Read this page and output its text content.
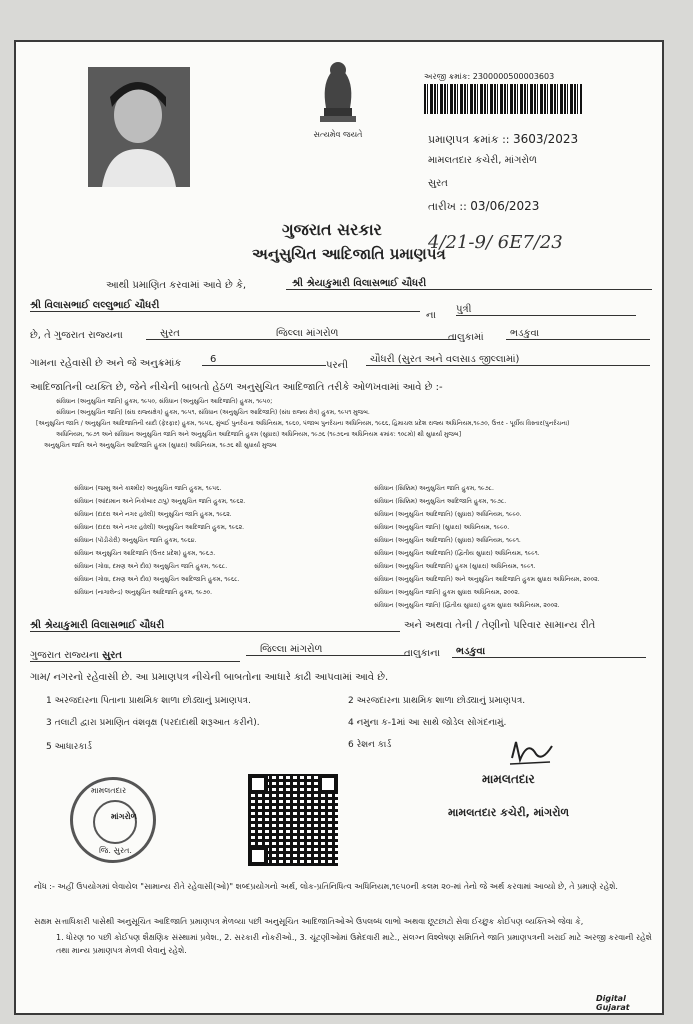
સત્યમેવ જયતે
અરજી ક્રમાંક: 2300000500003603
પ્રમાણપત્ર ક્રમાંક :: 3603/2023
મામલતદાર કચેરી, માંગરોળ
સુરત
તારીખ :: 03/06/2023
ગુજરાત સરકાર
અનુસુચિત આદિજાતિ પ્રમાણપત્ર
4/21-9/ 6E7/23
આથી પ્રમાણિત કરવામાં આવે છે કે,	શ્રી શ્રેયાકુમારી વિલાસભાઈ ચૌધરી
શ્રી વિલાસભાઈ લલ્લુભાઈ ચૌધરી
ના
પુત્રી
છે, તે ગુજરાત રાજ્યના	સુરત	જિલ્લા માંગરોળ	તાલુકામાં	ભડકુવા
ગામના રહેવાસી છે અને જે અનુક્રમાંક	6
પરની
ચૌધરી (સુરત અને વલસાડ જીલ્લામાં)
આદિજાતિની વ્યક્તિ છે, જેને નીચેની બાબતો હેઠળ અનુસુચિત આદિજાતિ તરીકે ઓળખવામાં આવે છે :-
સંવિધાન (અનુસુચિત જાતિ) હુકમ, ૧૯૫૦, સંવિધાન (અનુસુચિત આદિજાતિ) હુકમ, ૧૯૫૦;
સંવિધાન (અનુસુચિત જાતિ) (સંઘ રાજ્યક્ષેત્ર) હુકમ, ૧૯૫૧, સંવિધાન (અનુસુચિત આદિજાતિ) (સંઘ રાજ્ય ક્ષેત્ર) હુકમ, ૧૯૫૧ મુજબ.
[અનુસુચિત જાતિ / અનુસુચિત આદિજાતિની યાદી (ફેરફાર) હુકમ, ૧૯૫૬, મુંબઈ પુનર્રચના અધિનિયમ, ૧૯૬૦, પંજાબ પુનર્રચના અધિનિયમ, ૧૯૬૬, હિમાચલ પ્રદેશ રાજ્ય અધિનિયમ,૧૯૭૦, ઉત્તર - પૂર્વીય વિસ્તાર(પુનર્રચના)
અધિનિયમ, ૧૯૭૧ અને સંવિધાન અનુસુચિત જાતિ અને અનુસુચિત આદિજાતિ હુકમ (સુધારા) અધિનિયમ, ૧૯૭૬ (૧૯૭૬ના અધિનિયમ ક્રમાંક: ૧૦૮મો) થી સુધાર્યા મુજબ]
અનુસુચિત જાતિ અને અનુસુચિત આદિજાતિ હુકમ (સુધારા) અધિનિયમ, ૧૯૭૬ થી સુધાર્યા મુજબ
સંવિધાન (જમ્મુ અને કાશ્મીર) અનુસુચિત જાતિ હુકમ, ૧૯૫૬.
સંવિધાન (આંદામાન અને નિકોબાર ટાપુ) અનુસુચિત જાતિ હુકમ, ૧૯૬૨.
સંવિધાન (દાદરા અને નગર હવેલી) અનુસુચિત જાતિ હુકમ, ૧૯૬૨.
સંવિધાન (દાદરા અને નગર હવેલી) અનુસુચિત આદિજાતિ હુકમ, ૧૯૬૨.
સંવિધાન (પોંડીચેરી) અનુસુચિત જાતિ હુકમ, ૧૯૬૪.
સંવિધાન અનુસુચિત આદિજાતિ (ઉત્તર પ્રદેશ) હુકમ, ૧૯૬૭.
સંવિધાન (ગોવા, દમણ અને દીવ) અનુસુચિત જાતિ હુકમ, ૧૯૬૮.
સંવિધાન (ગોવા, દમણ અને દીવ) અનુસુચિત આદિજાતિ હુકમ, ૧૯૬૮.
સંવિધાન (નાગાલેન્ડ) અનુસુચિત આદિજાતિ હુકમ, ૧૯૭૦.
સંવિધાન (સિક્કિમ) અનુસુચિત જાતિ હુકમ, ૧૯૭૮.
સંવિધાન (સિક્કિમ) અનુસુચિત આદિજાતિ હુકમ, ૧૯૭૮.
સંવિધાન (અનુસુચિત આદિજાતિ) (સુધારા) અધિનિયમ, ૧૯૯૦.
સંવિધાન (અનુસુચિત જાતિ) (સુધારા) અધિનિયમ, ૧૯૯૦.
સંવિધાન (અનુસુચિત આદિજાતિ) (સુધારા) અધિનિયમ, ૧૯૯૧.
સંવિધાન (અનુસુચિત આદિજાતિ) (દ્વિતીય સુધારા) અધિનિયમ, ૧૯૯૧.
સંવિધાન (અનુસુચિત આદિજાતિ) હુકમ (સુધારા) અધિનિયમ, ૧૯૯૧.
સંવિધાન (અનુસુચિત આદિજાતિ) અને અનુસુચિત આદિજાતિ હુકમ સુધારા અધિનિયમ, ૨૦૦૨.
સંવિધાન (અનુસુચિત જાતિ) હુકમ સુધારા અધિનિયમ, ૨૦૦૨.
સંવિધાન (અનુસુચિત જાતિ) (દ્વિતીય સુધારા) હુકમ સુધારા અધિનિયમ, ૨૦૦૨.
શ્રી શ્રેયાકુમારી વિલાસભાઈ ચૌધરી	અને અથવા તેની / તેણીનો પરિવાર સામાન્ય રીતે
ગુજરાત રાજ્યના સુરત
જિલ્લા માંગરોળ	તાલુકાના	ભડકુવા
ગામ/ નગરનો રહેવાસી છે. આ પ્રમાણપત્ર નીચેની બાબતોના આધારે કાઢી આપવામાં આવે છે.
1 અરજદારના પિતાના પ્રાથમિક શાળા છોડ્યાનું પ્રમાણપત્ર.	2 અરજદારના પ્રાથમિક શાળા છોડ્યાનું પ્રમાણપત્ર.
3 તલાટી દ્વારા પ્રમાણિત વંશવૃક્ષ (પરદાદાથી શરૂઆત કરીને).	4 નમુના ક-1માં આ સાથે જોડેલ સોગંદનામું.
5 આધારકાર્ડ	6 રેશન કાર્ડ
મામલતદાર
માંગરોળ
જિ. સુરત.
મામલતદાર
મામલતદાર કચેરી, માંગરોળ
નોંધ :- અહીં ઉપયોગમાં લેવાયેલ "સામાન્ય રીતે રહેવાસી(ઓ)" શબ્દપ્રયોગનો અર્થ, લોક-પ્રતિનિધિત્વ અધિનિયમ,૧૯૫૦ની કલમ ૨૦-માં તેનો જે અર્થ કરવામાં આવ્યો છે, તે પ્રમાણે રહેશે.
સક્ષમ સત્તાધિકારી પાસેથી અનુસૂચિત આદિજાતિ પ્રમાણપત્ર મેળવ્યા પછી અનુસૂચિત આદિજાતિઓએ ઉપલબ્ધ લાભો અથવા છૂટછાટો સેવા ઈચ્છુક કોઈપણ વ્યક્તિએ જેવા કે,
1. ધોરણ ૧૦ પછી કોઈપણ શૈક્ષણિક સંસ્થામાં પ્રવેશ., 2. સરકારી નોકરીઓ., 3. ચૂંટણીઓમાં ઉમેદવારી માટે., સંલગ્ન વિશ્લેષણ સમિતિને જાતિ પ્રમાણપત્રની ખરાઈ માટે અરજી કરવાની રહેશે તથા માન્ય પ્રમાણપત્ર મેળવી લેવાનું રહેશે.
Digital Gujarat
